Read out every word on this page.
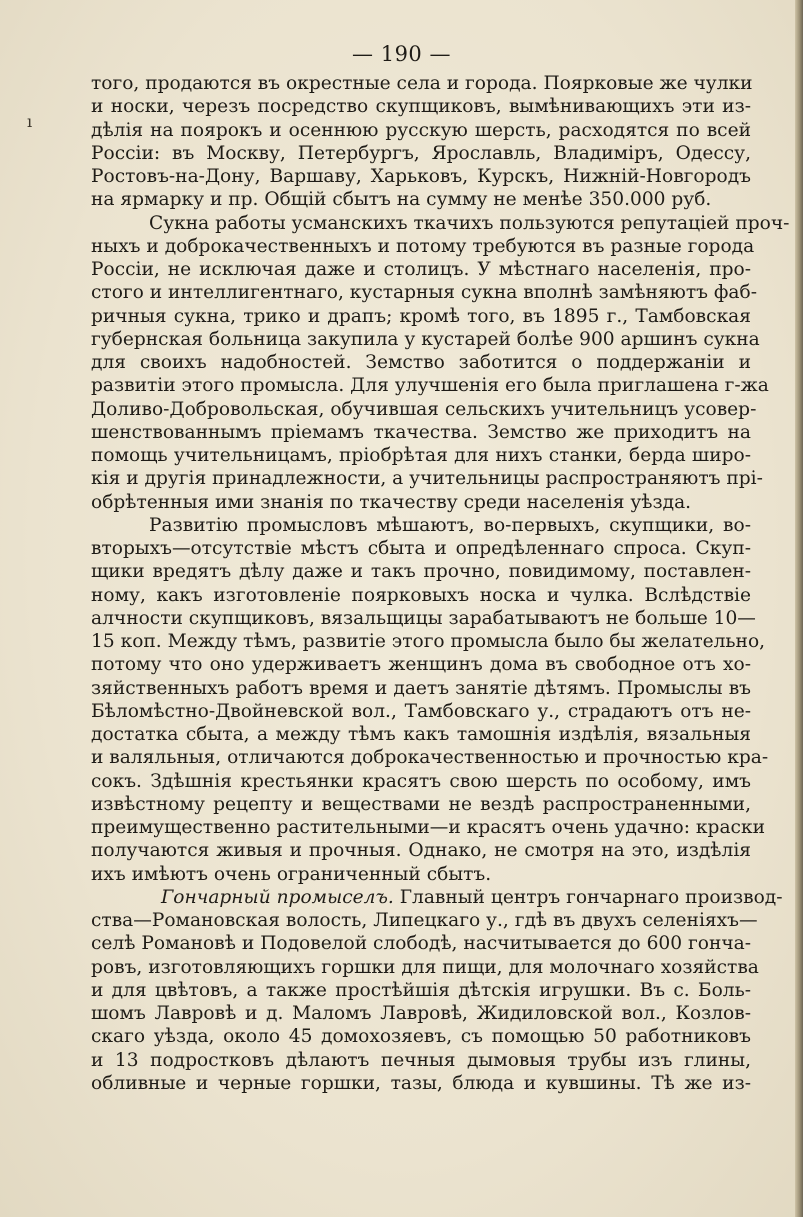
— 190 —
ı
того, продаются въ окрестные села и города. Поярковые же чулки
и носки, черезъ посредство скупщиковъ, вымѣнивающихъ эти из-
дѣлія на поярокъ и осеннюю русскую шерсть, расходятся по всей
Россіи: въ Москву, Петербургъ, Ярославль, Владиміръ, Одессу,
Ростовъ-на-Дону, Варшаву, Харьковъ, Курскъ, Нижній-Новгородъ
на ярмарку и пр. Общій сбытъ на сумму не менѣе 350.000 руб.
Сукна работы усманскихъ ткачихъ пользуются репутаціей проч-
ныхъ и доброкачественныхъ и потому требуются въ разные города
Россіи, не исключая даже и столицъ. У мѣстнаго населенія, про-
стого и интеллигентнаго, кустарныя сукна вполнѣ замѣняютъ фаб-
ричныя сукна, трико и драпъ; кромѣ того, въ 1895 г., Тамбовская
губернская больница закупила у кустарей болѣе 900 аршинъ сукна
для своихъ надобностей. Земство заботится о поддержаніи и
развитіи этого промысла. Для улучшенія его была приглашена г-жа
Доливо-Добровольская, обучившая сельскихъ учительницъ усовер-
шенствованнымъ пріемамъ ткачества. Земство же приходитъ на
помощь учительницамъ, пріобрѣтая для нихъ станки, берда широ-
кія и другія принадлежности, а учительницы распространяютъ прі-
обрѣтенныя ими знанія по ткачеству среди населенія уѣзда.
Развитію промысловъ мѣшаютъ, во-первыхъ, скупщики, во-
вторыхъ—отсутствіе мѣстъ сбыта и опредѣленнаго спроса. Скуп-
щики вредятъ дѣлу даже и такъ прочно, повидимому, поставлен-
ному, какъ изготовленіе поярковыхъ носка и чулка. Вслѣдствіе
алчности скупщиковъ, вязальщицы зарабатываютъ не больше 10—
15 коп. Между тѣмъ, развитіе этого промысла было бы желательно,
потому что оно удерживаетъ женщинъ дома въ свободное отъ хо-
зяйственныхъ работъ время и даетъ занятіе дѣтямъ. Промыслы въ
Бѣломѣстно-Двойневской вол., Тамбовскаго у., страдаютъ отъ не-
достатка сбыта, а между тѣмъ какъ тамошнія издѣлія, вязальныя
и валяльныя, отличаются доброкачественностью и прочностью кра-
сокъ. Здѣшнія крестьянки красятъ свою шерсть по особому, имъ
извѣстному рецепту и веществами не вездѣ распространенными,
преимущественно растительными—и красятъ очень удачно: краски
получаются живыя и прочныя. Однако, не смотря на это, издѣлія
ихъ имѣютъ очень ограниченный сбытъ.
Гончарный промыселъ. Главный центръ гончарнаго производ-
ства—Романовская волость, Липецкаго у., гдѣ въ двухъ селеніяхъ—
селѣ Романовѣ и Подовелой слободѣ, насчитывается до 600 гонча-
ровъ, изготовляющихъ горшки для пищи, для молочнаго хозяйства
и для цвѣтовъ, а также простѣйшія дѣтскія игрушки. Въ с. Боль-
шомъ Лавровѣ и д. Маломъ Лавровѣ, Жидиловской вол., Козлов-
скаго уѣзда, около 45 домохозяевъ, съ помощью 50 работниковъ
и 13 подростковъ дѣлаютъ печныя дымовыя трубы изъ глины,
обливные и черные горшки, тазы, блюда и кувшины. Тѣ же из-
